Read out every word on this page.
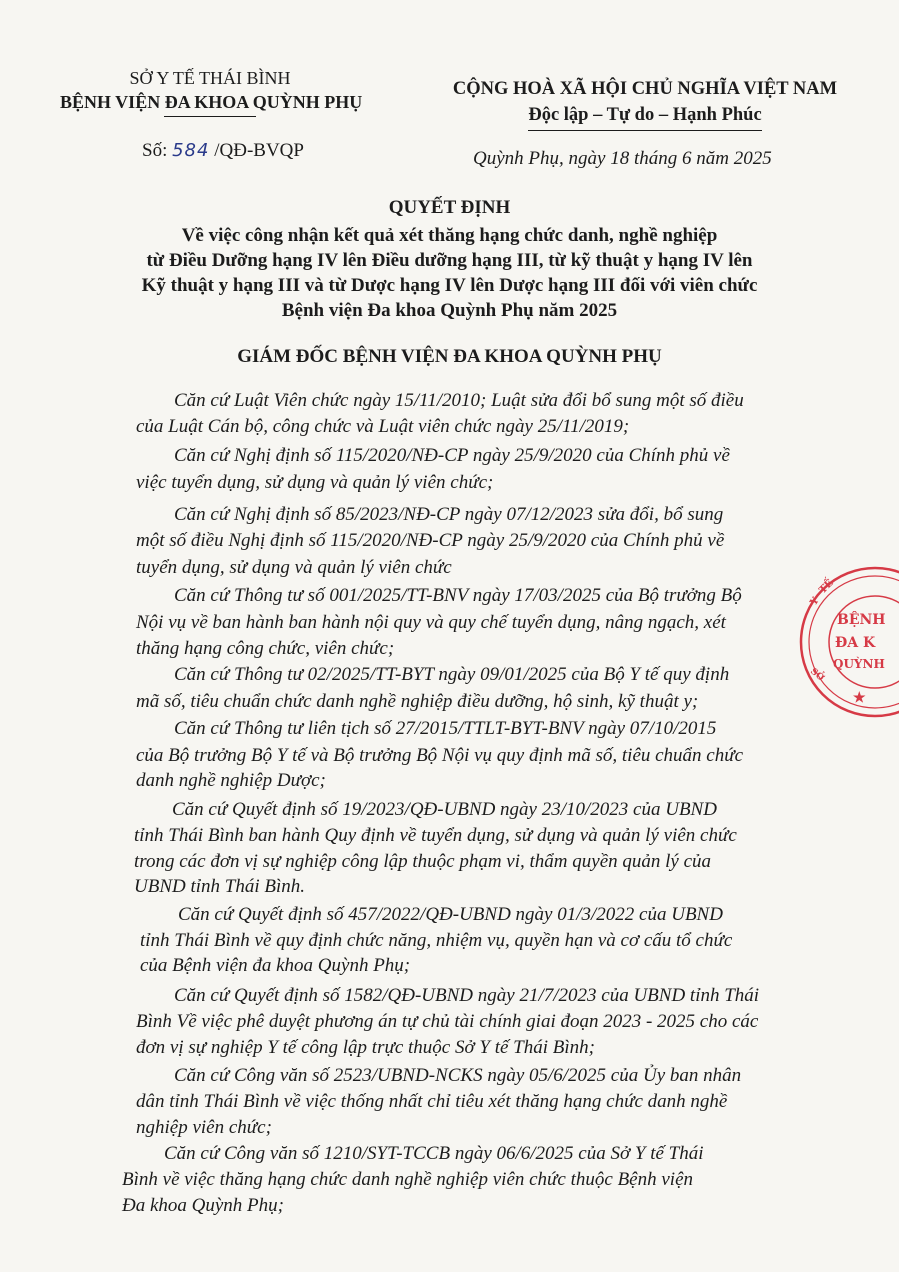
SỞ Y TẾ THÁI BÌNH
BỆNH VIỆN ĐA KHOA QUỲNH PHỤ
CỘNG HOÀ XÃ HỘI CHỦ NGHĨA VIỆT NAM
Độc lập – Tự do – Hạnh Phúc
Số: 584 /QĐ-BVQP	Quỳnh Phụ, ngày 18 tháng 6 năm 2025
QUYẾT ĐỊNH
Về việc công nhận kết quả xét thăng hạng chức danh, nghề nghiệp
từ Điều Dưỡng hạng IV lên Điều dưỡng hạng III, từ kỹ thuật y hạng IV lên
Kỹ thuật y hạng III và từ Dược hạng IV lên Dược hạng III đối với viên chức
Bệnh viện Đa khoa Quỳnh Phụ năm 2025
GIÁM ĐỐC BỆNH VIỆN ĐA KHOA QUỲNH PHỤ
Căn cứ Luật Viên chức ngày 15/11/2010; Luật sửa đổi bổ sung một số điều
của Luật Cán bộ, công chức và Luật viên chức ngày 25/11/2019;
Căn cứ Nghị định số 115/2020/NĐ-CP ngày 25/9/2020 của Chính phủ về
việc tuyển dụng, sử dụng và quản lý viên chức;
Căn cứ Nghị định số 85/2023/NĐ-CP ngày 07/12/2023 sửa đổi, bổ sung
một số điều Nghị định số 115/2020/NĐ-CP ngày 25/9/2020 của Chính phủ về
tuyển dụng, sử dụng và quản lý viên chức
Căn cứ Thông tư số 001/2025/TT-BNV ngày 17/03/2025 của Bộ trưởng Bộ
Nội vụ về ban hành ban hành nội quy và quy chế tuyển dụng, nâng ngạch, xét
thăng hạng công chức, viên chức;
Căn cứ Thông tư 02/2025/TT-BYT ngày 09/01/2025 của Bộ Y tế quy định
mã số, tiêu chuẩn chức danh nghề nghiệp điều dưỡng, hộ sinh, kỹ thuật y;
Căn cứ Thông tư liên tịch số 27/2015/TTLT-BYT-BNV ngày 07/10/2015
của Bộ trưởng Bộ Y tế và Bộ trưởng Bộ Nội vụ quy định mã số, tiêu chuẩn chức
danh nghề nghiệp Dược;
Căn cứ Quyết định số 19/2023/QĐ-UBND ngày 23/10/2023 của UBND
tỉnh Thái Bình ban hành Quy định về tuyển dụng, sử dụng và quản lý viên chức
trong các đơn vị sự nghiệp công lập thuộc phạm vi, thẩm quyền quản lý của
UBND tỉnh Thái Bình.
Căn cứ Quyết định số 457/2022/QĐ-UBND ngày 01/3/2022 của UBND
tỉnh Thái Bình về quy định chức năng, nhiệm vụ, quyền hạn và cơ cấu tổ chức
của Bệnh viện đa khoa Quỳnh Phụ;
Căn cứ Quyết định số 1582/QĐ-UBND ngày 21/7/2023 của UBND tỉnh Thái
Bình Về việc phê duyệt phương án tự chủ tài chính giai đoạn 2023 - 2025 cho các
đơn vị sự nghiệp Y tế công lập trực thuộc Sở Y tế Thái Bình;
Căn cứ Công văn số 2523/UBND-NCKS ngày 05/6/2025 của Ủy ban nhân
dân tỉnh Thái Bình về việc thống nhất chỉ tiêu xét thăng hạng chức danh nghề
nghiệp viên chức;
Căn cứ Công văn số 1210/SYT-TCCB ngày 06/6/2025 của Sở Y tế Thái
Bình về việc thăng hạng chức danh nghề nghiệp viên chức thuộc Bệnh viện
Đa khoa Quỳnh Phụ;
BỆNH
ĐA K
QUỲNH
Y
TẾ
SỞ
★
